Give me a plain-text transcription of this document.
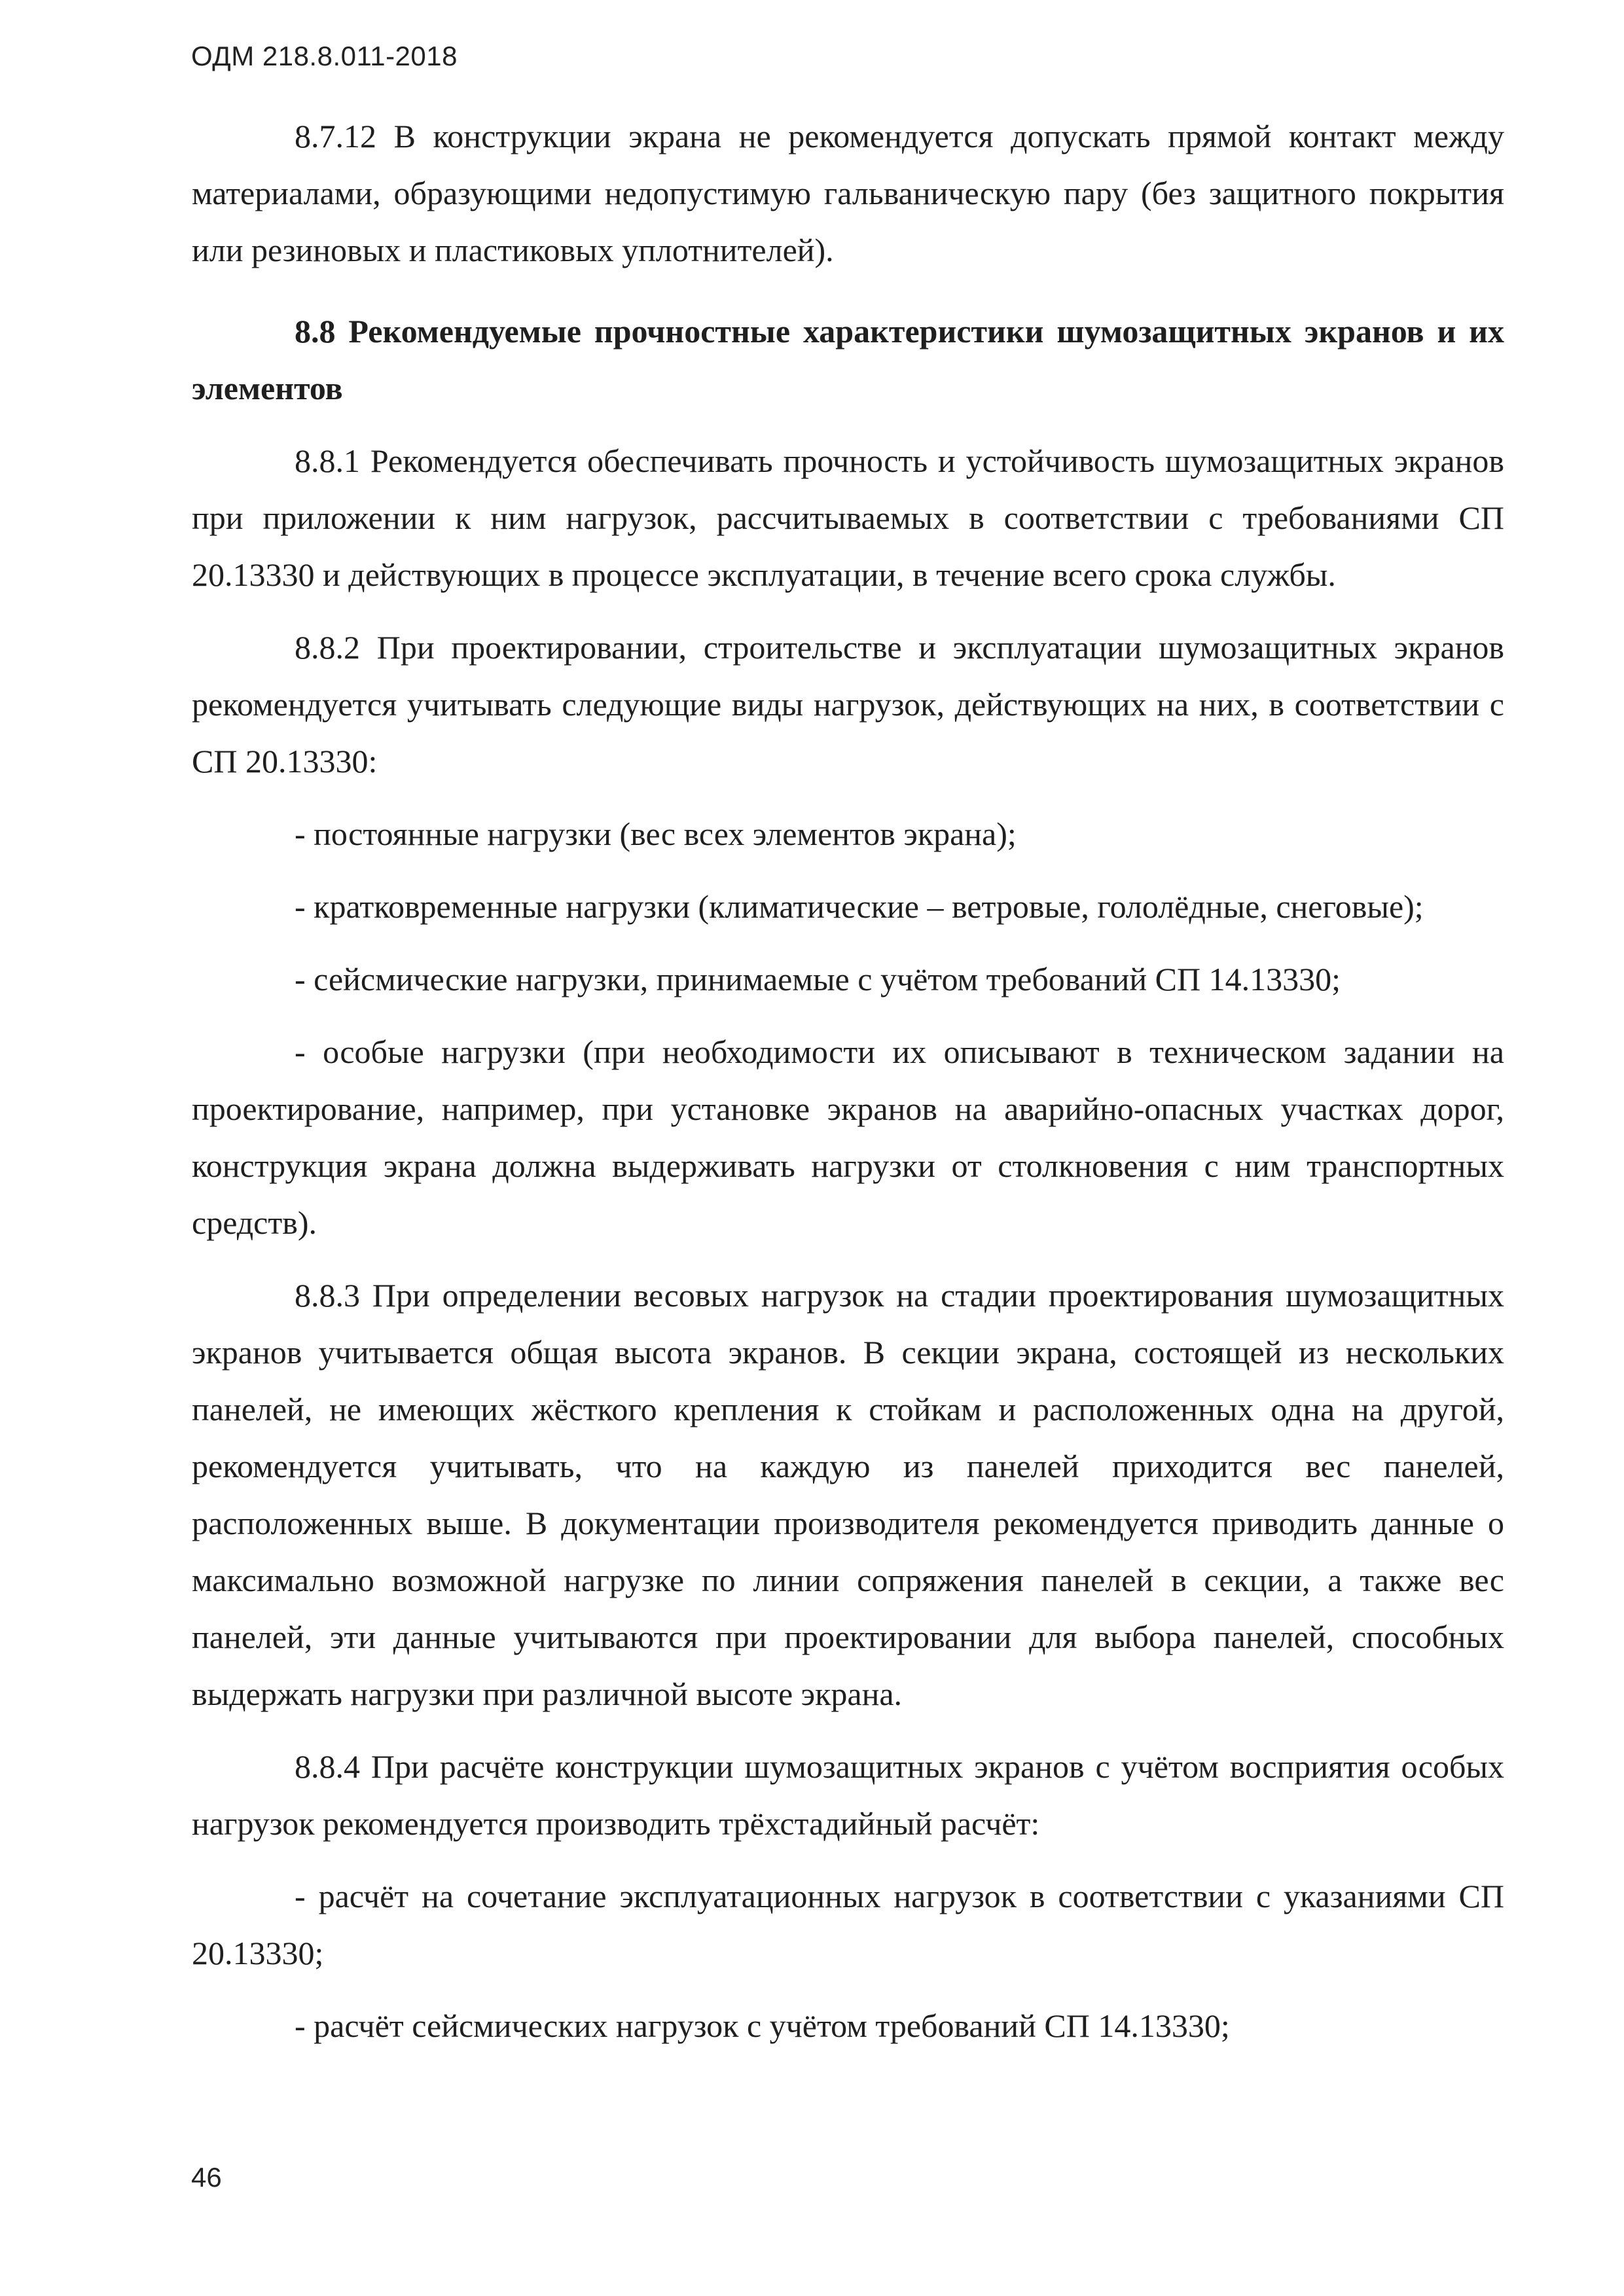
ОДМ 218.8.011-2018

8.7.12 В конструкции экрана не рекомендуется допускать прямой контакт между материалами, образующими недопустимую гальваническую пару (без защитного покрытия или резиновых и пластиковых уплотнителей).

8.8 Рекомендуемые прочностные характеристики шумозащитных экранов и их элементов

8.8.1 Рекомендуется обеспечивать прочность и устойчивость шумозащитных экранов при приложении к ним нагрузок, рассчитываемых в соответствии с требованиями СП 20.13330 и действующих в процессе эксплуатации, в течение всего срока службы.

8.8.2 При проектировании, строительстве и эксплуатации шумозащитных экранов рекомендуется учитывать следующие виды нагрузок, действующих на них, в соответствии с СП 20.13330:

- постоянные нагрузки (вес всех элементов экрана);

- кратковременные нагрузки (климатические – ветровые, гололёдные, снеговые);

- сейсмические нагрузки, принимаемые с учётом требований СП 14.13330;

- особые нагрузки (при необходимости их описывают в техническом задании на проектирование, например, при установке экранов на аварийно-опасных участках дорог, конструкция экрана должна выдерживать нагрузки от столкновения с ним транспортных средств).

8.8.3 При определении весовых нагрузок на стадии проектирования шумозащитных экранов учитывается общая высота экранов. В секции экрана, состоящей из нескольких панелей, не имеющих жёсткого крепления к стойкам и расположенных одна на другой, рекомендуется учитывать, что на каждую из панелей приходится вес панелей, расположенных выше. В документации производителя рекомендуется приводить данные о максимально возможной нагрузке по линии сопряжения панелей в секции, а также вес панелей, эти данные учитываются при проектировании для выбора панелей, способных выдержать нагрузки при различной высоте экрана.

8.8.4 При расчёте конструкции шумозащитных экранов с учётом восприятия особых нагрузок рекомендуется производить трёхстадийный расчёт:

- расчёт на сочетание эксплуатационных нагрузок в соответствии с указаниями СП 20.13330;

- расчёт сейсмических нагрузок с учётом требований СП 14.13330;

46
